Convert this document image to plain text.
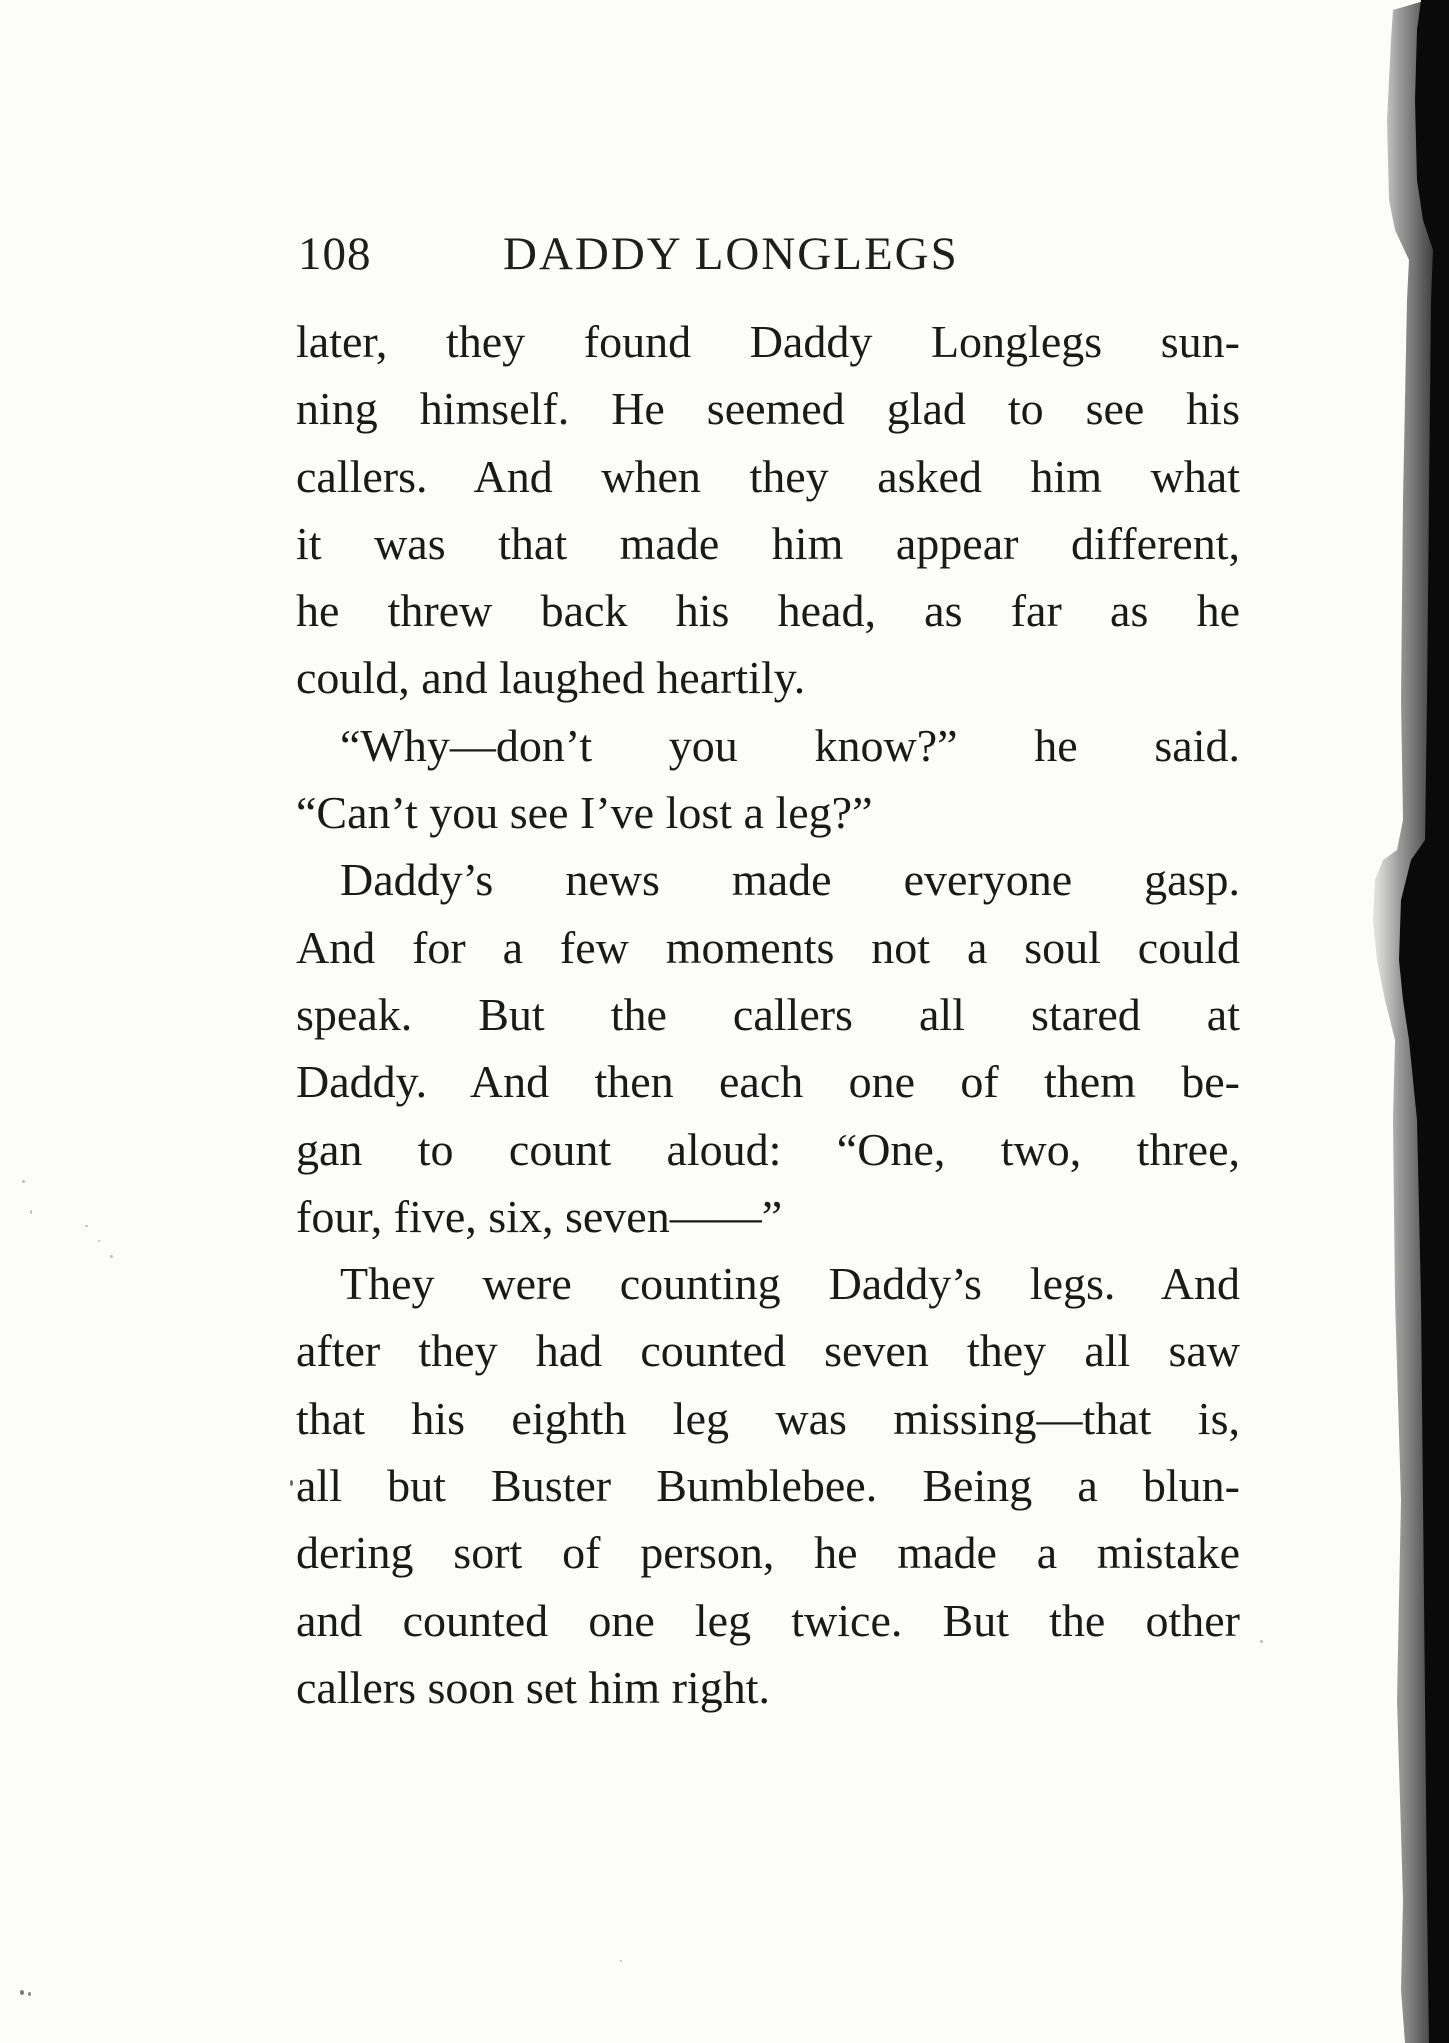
108	DADDY LONGLEGS
later, they found Daddy Longlegs sun-
ning himself. He seemed glad to see his
callers. And when they asked him what
it was that made him appear different,
he threw back his head, as far as he
could, and laughed heartily.
“Why—don’t you know?” he said.
“Can’t you see I’ve lost a leg?”
Daddy’s news made everyone gasp.
And for a few moments not a soul could
speak. But the callers all stared at
Daddy. And then each one of them be-
gan to count aloud: “One, two, three,
four, five, six, seven——”
They were counting Daddy’s legs. And
after they had counted seven they all saw
that his eighth leg was missing—that is,
all but Buster Bumblebee. Being a blun-
dering sort of person, he made a mistake
and counted one leg twice. But the other
callers soon set him right.
